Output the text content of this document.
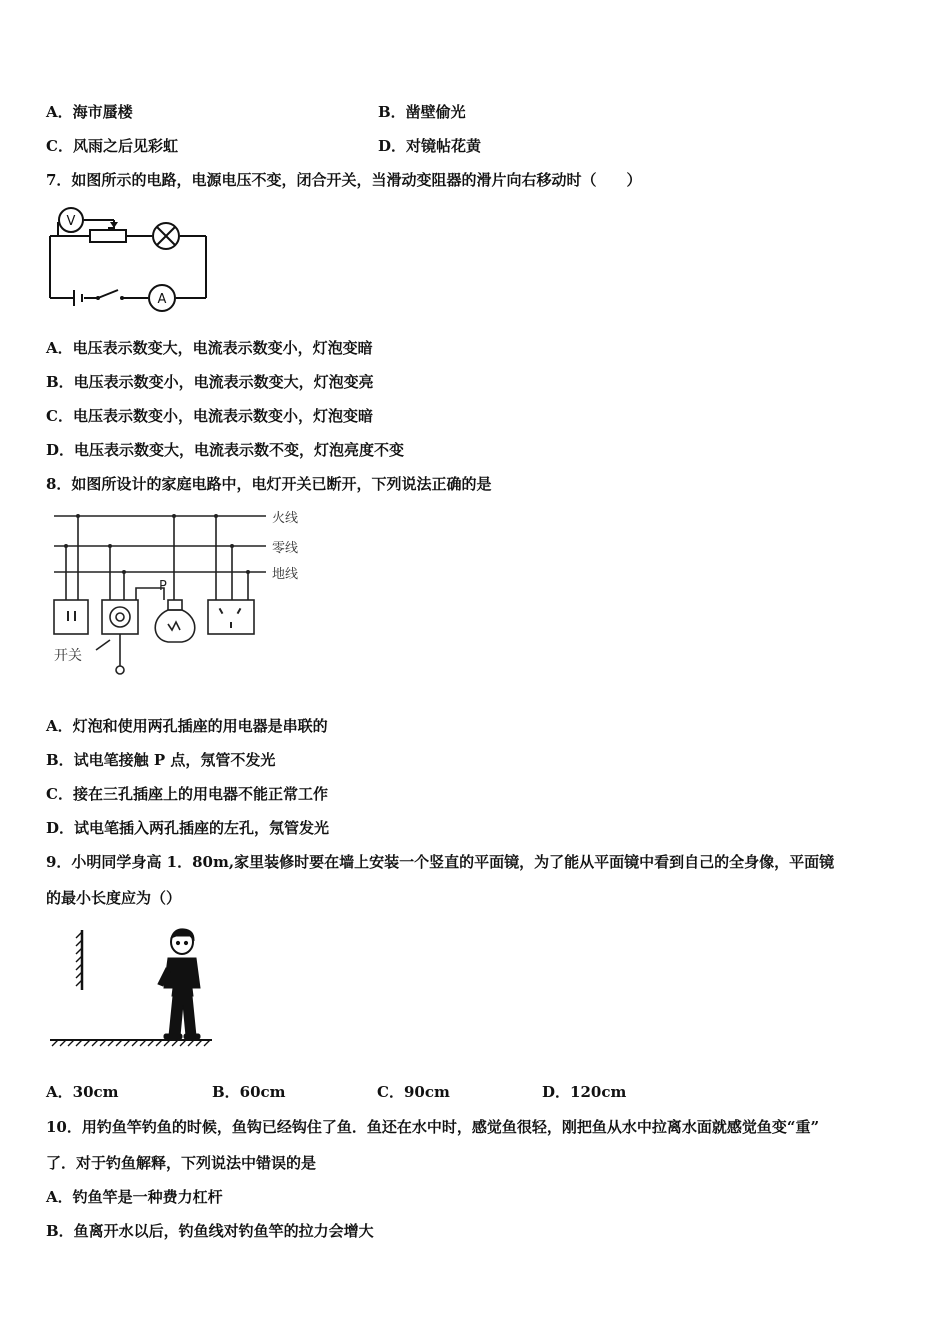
A．海市蜃楼	B．凿壁偷光
C．风雨之后见彩虹	D．对镜帖花黄
7．如图所示的电路，电源电压不变，闭合开关，当滑动变阻器的滑片向右移动时（　　）
V
A
A．电压表示数变大，电流表示数变小，灯泡变暗
B．电压表示数变小，电流表示数变大，灯泡变亮
C．电压表示数变小，电流表示数变小，灯泡变暗
D．电压表示数变大，电流表示数不变，灯泡亮度不变
8．如图所设计的家庭电路中，电灯开关已断开，下列说法正确的是
火线
零线
地线
P
开关
A．灯泡和使用两孔插座的用电器是串联的
B．试电笔接触 P 点，氖管不发光
C．接在三孔插座上的用电器不能正常工作
D．试电笔插入两孔插座的左孔，氖管发光
9．小明同学身高 1．80m,家里装修时要在墙上安装一个竖直的平面镜，为了能从平面镜中看到自己的全身像，平面镜
的最小长度应为（）
A．30cm	B．60cm	C．90cm	D．120cm
10．用钓鱼竿钓鱼的时候，鱼钩已经钩住了鱼．鱼还在水中时，感觉鱼很轻，刚把鱼从水中拉离水面就感觉鱼变“重”
了．对于钓鱼解释，下列说法中错误的是
A．钓鱼竿是一种费力杠杆
B．鱼离开水以后，钓鱼线对钓鱼竿的拉力会增大
